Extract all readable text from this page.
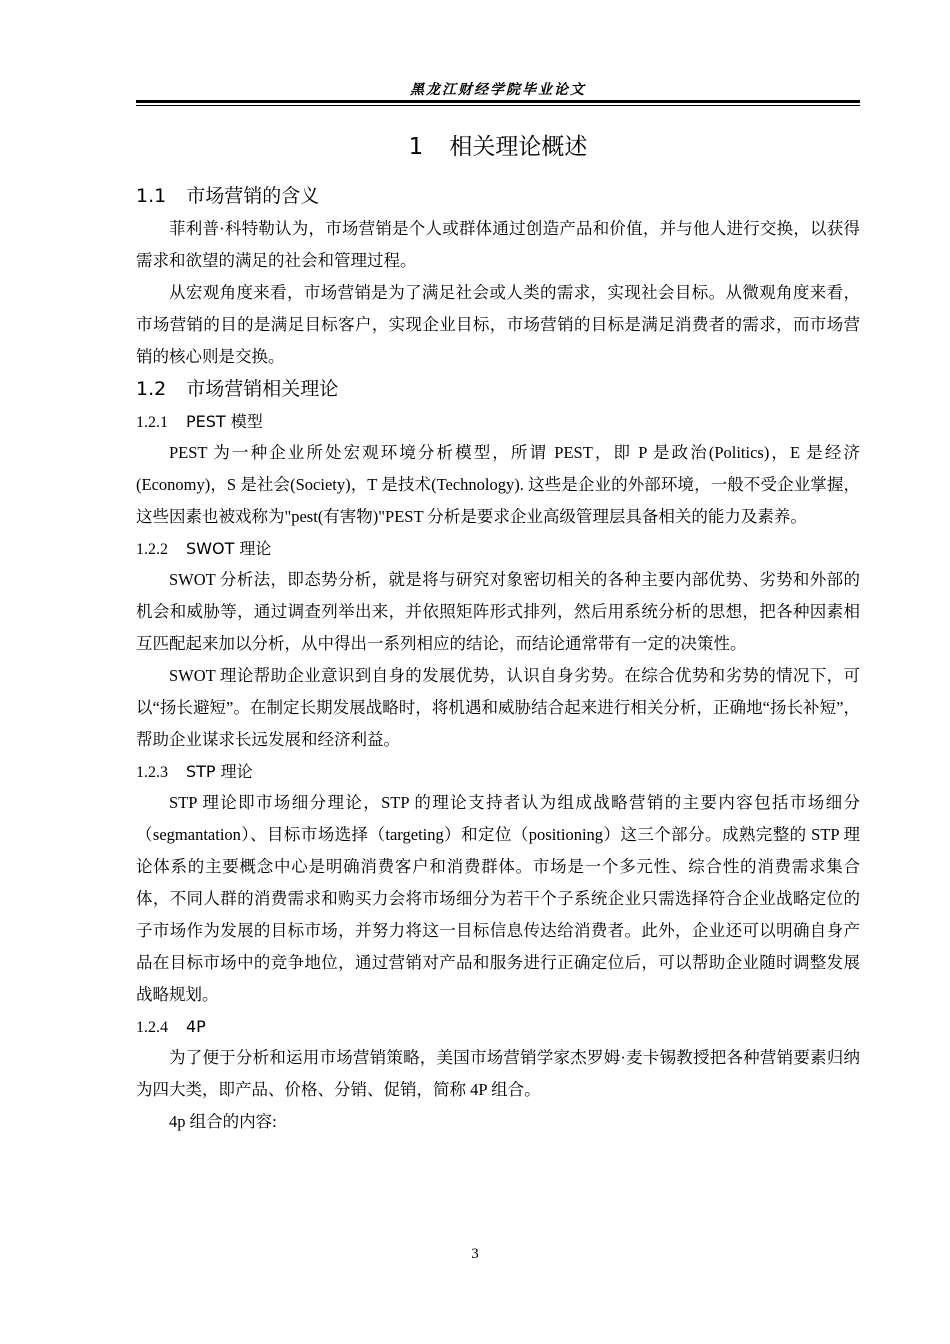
黑龙江财经学院毕业论文
1 相关理论概述
1.1 市场营销的含义

菲利普·科特勒认为，市场营销是个人或群体通过创造产品和价值，并与他人进行交换，以获得需求和欲望的满足的社会和管理过程。

从宏观角度来看，市场营销是为了满足社会或人类的需求，实现社会目标。从微观角度来看，市场营销的目的是满足目标客户，实现企业目标，市场营销的目标是满足消费者的需求，而市场营销的核心则是交换。

1.2 市场营销相关理论
1.2.1 PEST 模型

PEST 为一种企业所处宏观环境分析模型，所谓 PEST，即 P 是政治(Politics)，E 是经济(Economy)，S 是社会(Society)，T 是技术(Technology). 这些是企业的外部环境，一般不受企业掌握，这些因素也被戏称为"pest(有害物)"PEST 分析是要求企业高级管理层具备相关的能力及素养。

1.2.2 SWOT 理论

SWOT 分析法，即态势分析，就是将与研究对象密切相关的各种主要内部优势、劣势和外部的机会和威胁等，通过调查列举出来，并依照矩阵形式排列，然后用系统分析的思想，把各种因素相互匹配起来加以分析，从中得出一系列相应的结论，而结论通常带有一定的决策性。

SWOT 理论帮助企业意识到自身的发展优势，认识自身劣势。在综合优势和劣势的情况下，可以“扬长避短”。在制定长期发展战略时，将机遇和威胁结合起来进行相关分析，正确地“扬长补短”，帮助企业谋求长远发展和经济利益。

1.2.3 STP 理论

STP 理论即市场细分理论，STP 的理论支持者认为组成战略营销的主要内容包括市场细分（segmantation）、目标市场选择（targeting）和定位（positioning）这三个部分。成熟完整的 STP 理论体系的主要概念中心是明确消费客户和消费群体。市场是一个多元性、综合性的消费需求集合体，不同人群的消费需求和购买力会将市场细分为若干个子系统企业只需选择符合企业战略定位的子市场作为发展的目标市场，并努力将这一目标信息传达给消费者。此外，企业还可以明确自身产品在目标市场中的竞争地位，通过营销对产品和服务进行正确定位后，可以帮助企业随时调整发展战略规划。

1.2.4 4P

为了便于分析和运用市场营销策略，美国市场营销学家杰罗姆·麦卡锡教授把各种营销要素归纳为四大类，即产品、价格、分销、促销，简称 4P 组合。

4p 组合的内容:

3
